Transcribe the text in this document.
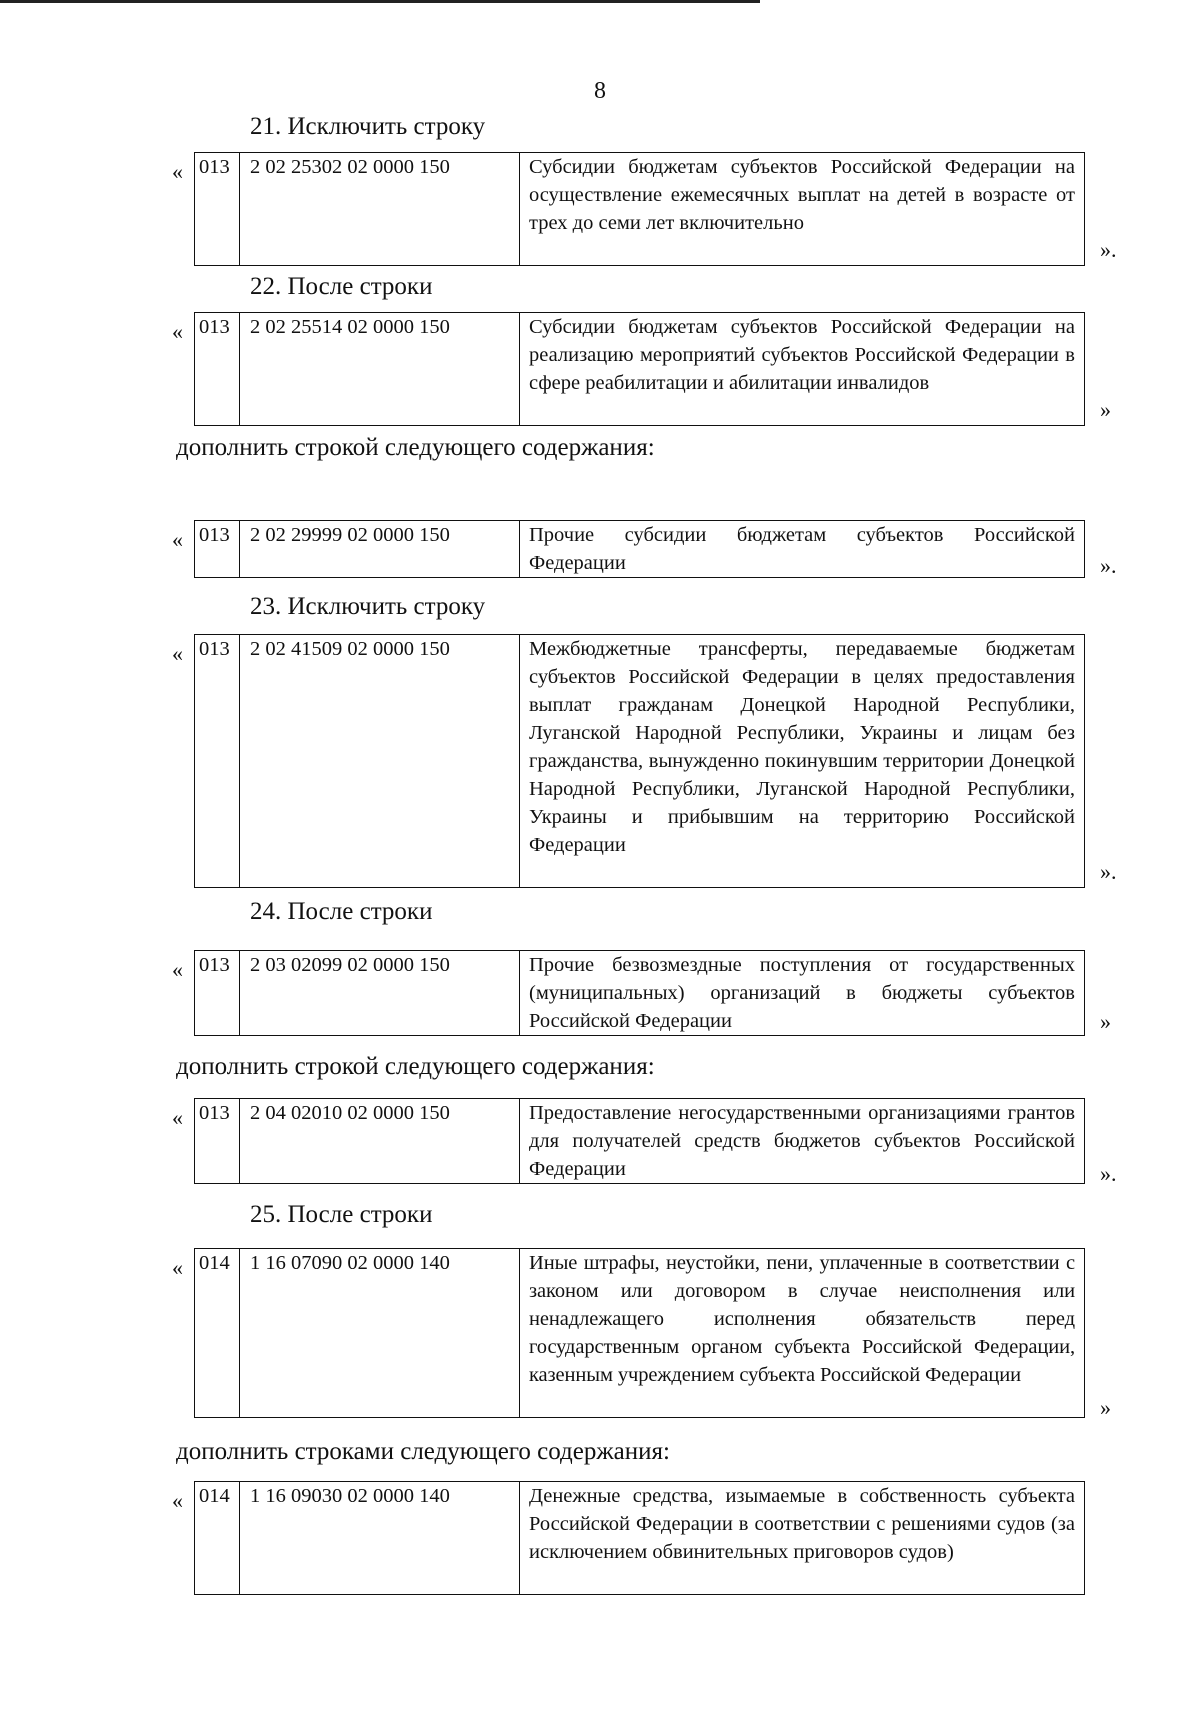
8
21. Исключить строку
« 013	2 02 25302 02 0000 150	Субсидии бюджетам субъектов Российской Федерации на осуществление ежемесячных выплат на детей в возрасте от трех до семи лет включительно
».
22. После строки
« 013	2 02 25514 02 0000 150	Субсидии бюджетам субъектов Российской Федерации на реализацию мероприятий субъектов Российской Федерации в сфере реабилитации и абилитации инвалидов
»
дополнить строкой следующего содержания:
« 013	2 02 29999 02 0000 150	Прочие субсидии бюджетам субъектов Российской Федерации	».
23. Исключить строку
« 013	2 02 41509 02 0000 150	Межбюджетные трансферты, передаваемые бюджетам субъектов Российской Федерации в целях предоставления выплат гражданам Донецкой Народной Республики, Луганской Народной Республики, Украины и лицам без гражданства, вынужденно покинувшим территории Донецкой Народной Республики, Луганской Народной Республики, Украины и прибывшим на территорию Российской Федерации
».
24. После строки
« 013	2 03 02099 02 0000 150	Прочие безвозмездные поступления от государственных (муниципальных) организаций в бюджеты субъектов Российской Федерации	»
дополнить строкой следующего содержания:
« 013	2 04 02010 02 0000 150	Предоставление негосударственными организациями грантов для получателей средств бюджетов субъектов Российской Федерации	».
25. После строки
« 014	1 16 07090 02 0000 140	Иные штрафы, неустойки, пени, уплаченные в соответствии с законом или договором в случае неисполнения или ненадлежащего исполнения обязательств перед государственным органом субъекта Российской Федерации, казенным учреждением субъекта Российской Федерации
»
дополнить строками следующего содержания:
« 014	1 16 09030 02 0000 140	Денежные средства, изымаемые в собственность субъекта Российской Федерации в соответствии с решениями судов (за исключением обвинительных приговоров судов)
